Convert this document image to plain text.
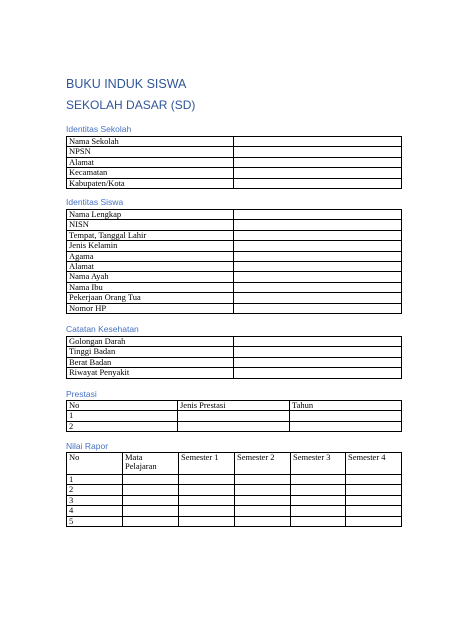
BUKU INDUK SISWA
SEKOLAH DASAR (SD)
Identitas Sekolah
Nama Sekolah	
NPSN	
Alamat	
Kecamatan	
Kabupaten/Kota	
Identitas Siswa
Nama Lengkap	
NISN	
Tempat, Tanggal Lahir	
Jenis Kelamin	
Agama	
Alamat	
Nama Ayah	
Nama Ibu	
Pekerjaan Orang Tua	
Nomor HP	
Catatan Kesehatan
Golongan Darah	
Tinggi Badan	
Berat Badan	
Riwayat Penyakit	
Prestasi
No	Jenis Prestasi	Tahun
1		
2		
Nilai Rapor
No	Mata Pelajaran	Semester 1	Semester 2	Semester 3	Semester 4
1					
2					
3					
4					
5					
